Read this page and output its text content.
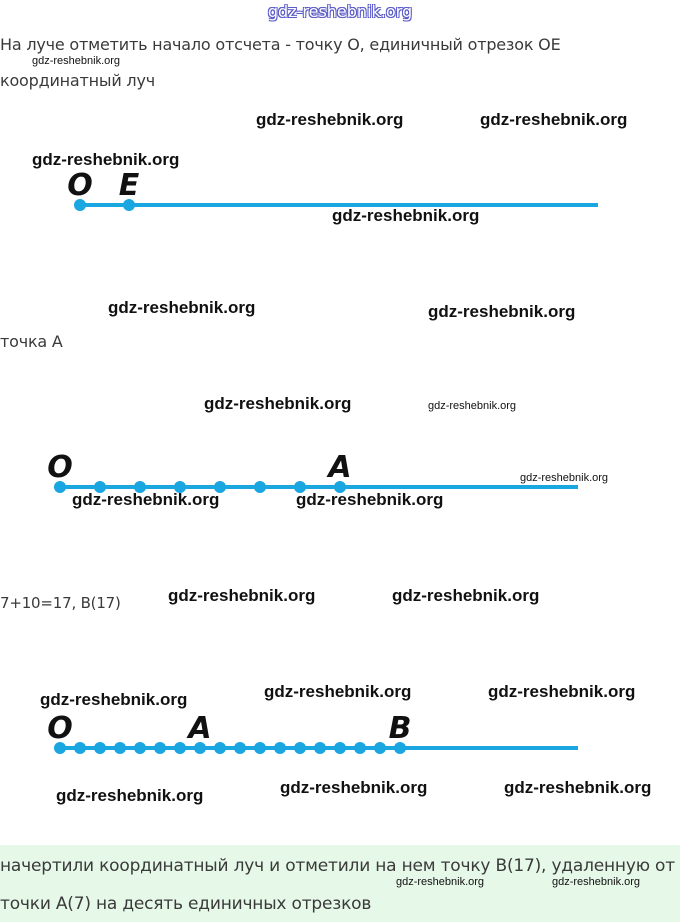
gdz-reshebnik.org
На луче отметить начало отсчета - точку О, единичный отрезок ОЕ
координатный луч
точка А
7+10=17, В(17)
начертили координатный луч и отметили на нем точку В(17), удаленную от
точки А(7) на десять единичных отрезков
O E
O	A
O	A	B
gdz-reshebnik.org
gdz-reshebnik.org	gdz-reshebnik.org
gdz-reshebnik.org
gdz-reshebnik.org
gdz-reshebnik.org	gdz-reshebnik.org
gdz-reshebnik.org	gdz-reshebnik.org
gdz-reshebnik.org
gdz-reshebnik.org	gdz-reshebnik.org
gdz-reshebnik.org	gdz-reshebnik.org
gdz-reshebnik.org	gdz-reshebnik.org	gdz-reshebnik.org
gdz-reshebnik.org	gdz-reshebnik.org	gdz-reshebnik.org
gdz-reshebnik.org	gdz-reshebnik.org
